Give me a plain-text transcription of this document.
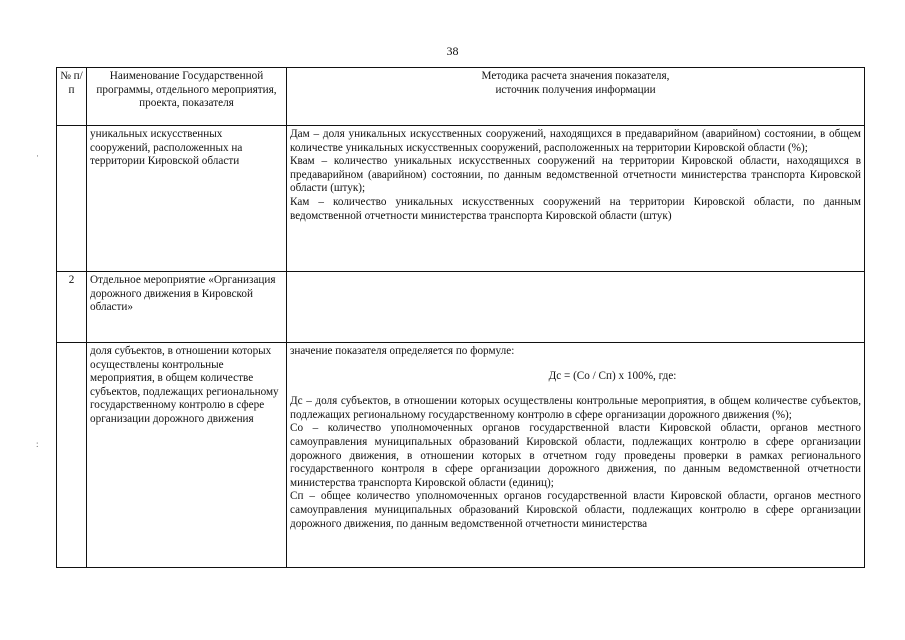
38
№ п/п	Наименование Государственной программы, отдельного мероприятия, проекта, показателя	Методика расчета значения показателя,
источник получения информации

	уникальных искусственных сооружений, расположенных на территории Кировской области	Дам – доля уникальных искусственных сооружений, находящихся в предаварийном (аварийном) состоянии, в общем количестве уникальных искусственных сооружений, расположенных на территории Кировской области (%);

Квам – количество уникальных искусственных сооружений на территории Кировской области, находящихся в предаварийном (аварийном) состоянии, по данным ведомственной отчетности министерства транспорта Кировской области (штук);

Кам – количество уникальных искусственных сооружений на территории Кировской области, по данным ведомственной отчетности министерства транспорта Кировской области (штук)

2	Отдельное мероприятие «Организация дорожного движения в Кировской области»	
	доля субъектов, в отношении которых осуществлены контрольные мероприятия, в общем количестве субъектов, подлежащих региональному государственному контролю в сфере организации дорожного движения	значение показателя определяется по формуле:

Дс = (Со / Сп) х 100%, где:

Дс – доля субъектов, в отношении которых осуществлены контрольные мероприятия, в общем количестве субъектов, подлежащих региональному государственному контролю в сфере организации дорожного движения (%);

Со – количество уполномоченных органов государственной власти Кировской области, органов местного самоуправления муниципальных образований Кировской области, подлежащих контролю в сфере организации дорожного движения, в отношении которых в отчетном году проведены проверки в рамках регионального государственного контроля в сфере организации дорожного движения, по данным ведомственной отчетности министерства транспорта Кировской области (единиц);

Сп – общее количество уполномоченных органов государственной власти Кировской области, органов местного самоуправления муниципальных образований Кировской области, подлежащих контролю в сфере организации дорожного движения, по данным ведомственной отчетности министерства

·
:
